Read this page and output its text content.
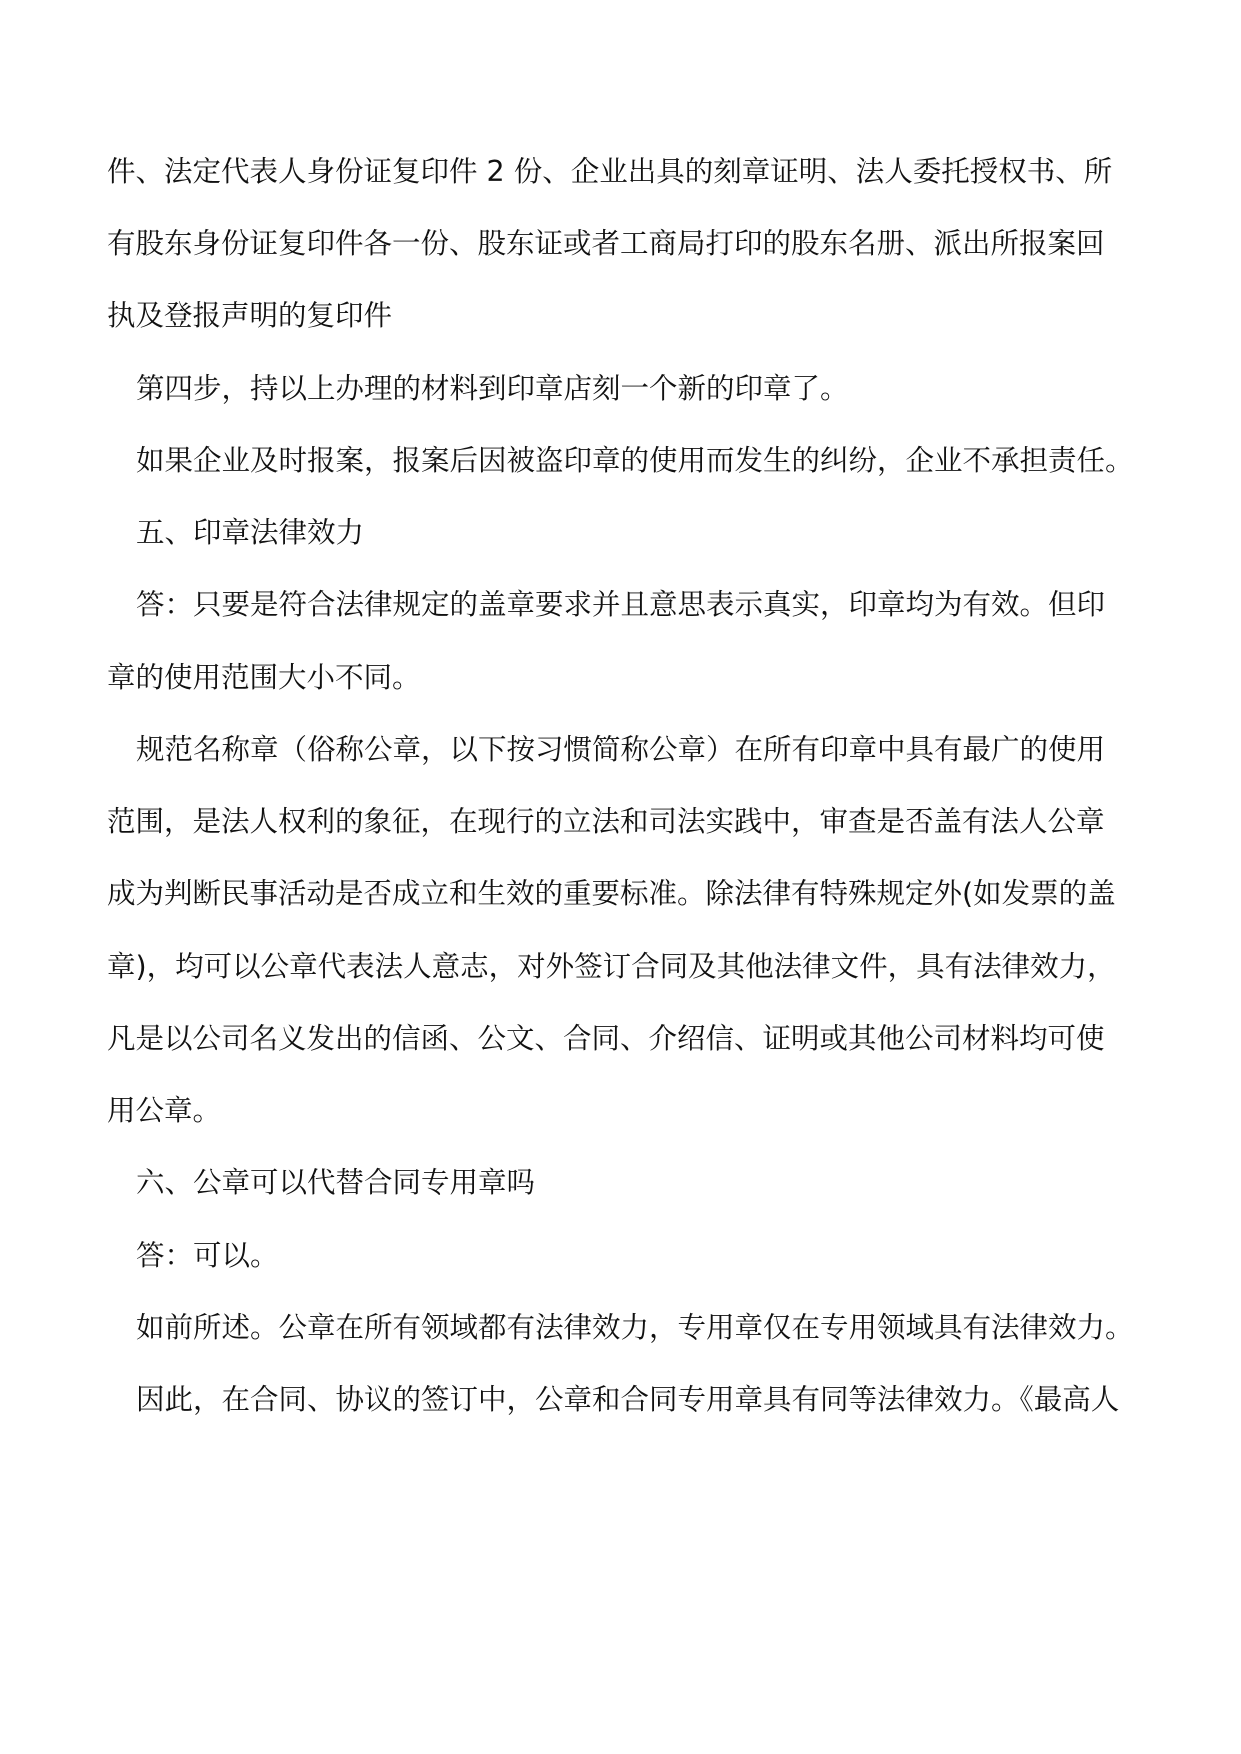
件、法定代表人身份证复印件 2 份、企业出具的刻章证明、法人委托授权书、所
有股东身份证复印件各一份、股东证或者工商局打印的股东名册、派出所报案回
执及登报声明的复印件
第四步，持以上办理的材料到印章店刻一个新的印章了。
如果企业及时报案，报案后因被盗印章的使用而发生的纠纷，企业不承担责任。
五、印章法律效力
答：只要是符合法律规定的盖章要求并且意思表示真实，印章均为有效。但印
章的使用范围大小不同。
规范名称章（俗称公章，以下按习惯简称公章）在所有印章中具有最广的使用
范围，是法人权利的象征，在现行的立法和司法实践中，审查是否盖有法人公章
成为判断民事活动是否成立和生效的重要标准。除法律有特殊规定外(如发票的盖
章)，均可以公章代表法人意志，对外签订合同及其他法律文件，具有法律效力，
凡是以公司名义发出的信函、公文、合同、介绍信、证明或其他公司材料均可使
用公章。
六、公章可以代替合同专用章吗
答：可以。
如前所述。公章在所有领域都有法律效力，专用章仅在专用领域具有法律效力。
因此，在合同、协议的签订中，公章和合同专用章具有同等法律效力。《最高人
